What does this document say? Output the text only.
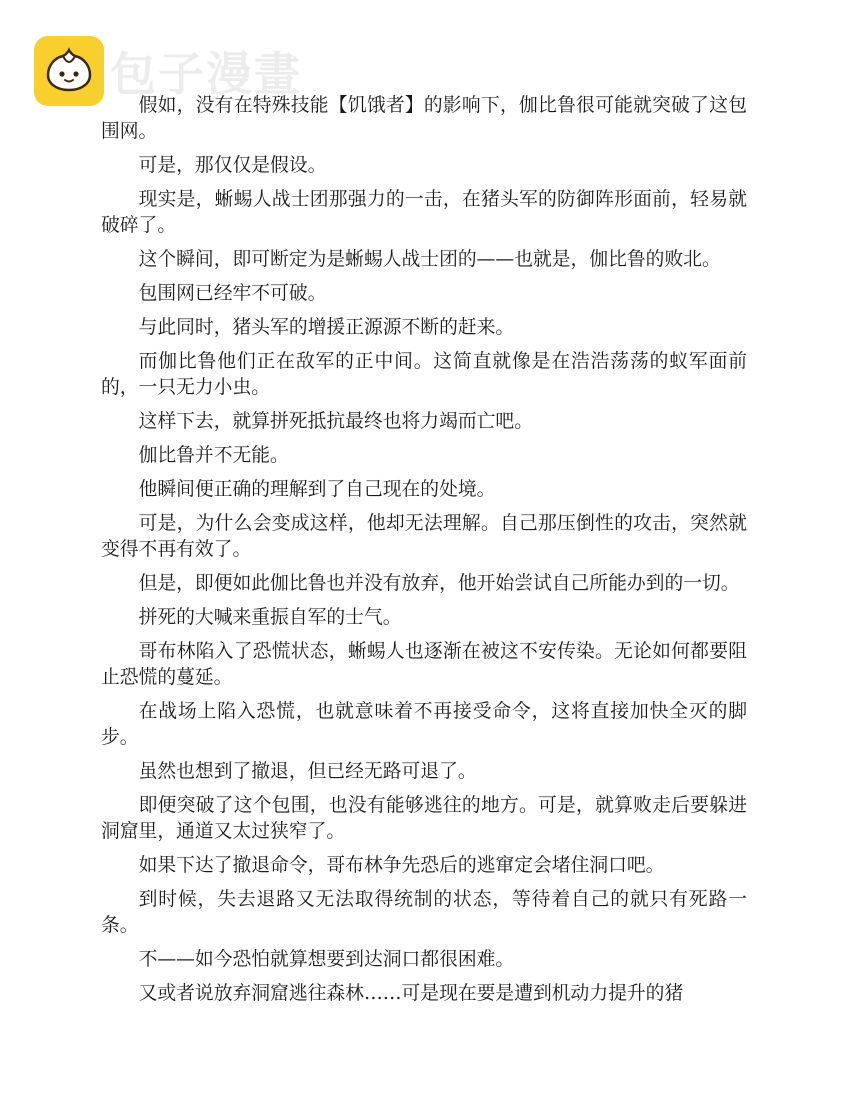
包子漫畫

假如，没有在特殊技能【饥饿者】的影响下，伽比鲁很可能就突破了这包围网。

可是，那仅仅是假设。

现实是，蜥蜴人战士团那强力的一击，在猪头军的防御阵形面前，轻易就破碎了。

这个瞬间，即可断定为是蜥蜴人战士团的——也就是，伽比鲁的败北。

包围网已经牢不可破。

与此同时，猪头军的增援正源源不断的赶来。

而伽比鲁他们正在敌军的正中间。这简直就像是在浩浩荡荡的蚁军面前的，一只无力小虫。

这样下去，就算拼死抵抗最终也将力竭而亡吧。

伽比鲁并不无能。

他瞬间便正确的理解到了自己现在的处境。

可是，为什么会变成这样，他却无法理解。自己那压倒性的攻击，突然就变得不再有效了。

但是，即便如此伽比鲁也并没有放弃，他开始尝试自己所能办到的一切。

拼死的大喊来重振自军的士气。

哥布林陷入了恐慌状态，蜥蜴人也逐渐在被这不安传染。无论如何都要阻止恐慌的蔓延。

在战场上陷入恐慌，也就意味着不再接受命令，这将直接加快全灭的脚步。

虽然也想到了撤退，但已经无路可退了。

即便突破了这个包围，也没有能够逃往的地方。可是，就算败走后要躲进洞窟里，通道又太过狭窄了。

如果下达了撤退命令，哥布林争先恐后的逃窜定会堵住洞口吧。

到时候，失去退路又无法取得统制的状态，等待着自己的就只有死路一条。

不——如今恐怕就算想要到达洞口都很困难。

又或者说放弃洞窟逃往森林……可是现在要是遭到机动力提升的猪
